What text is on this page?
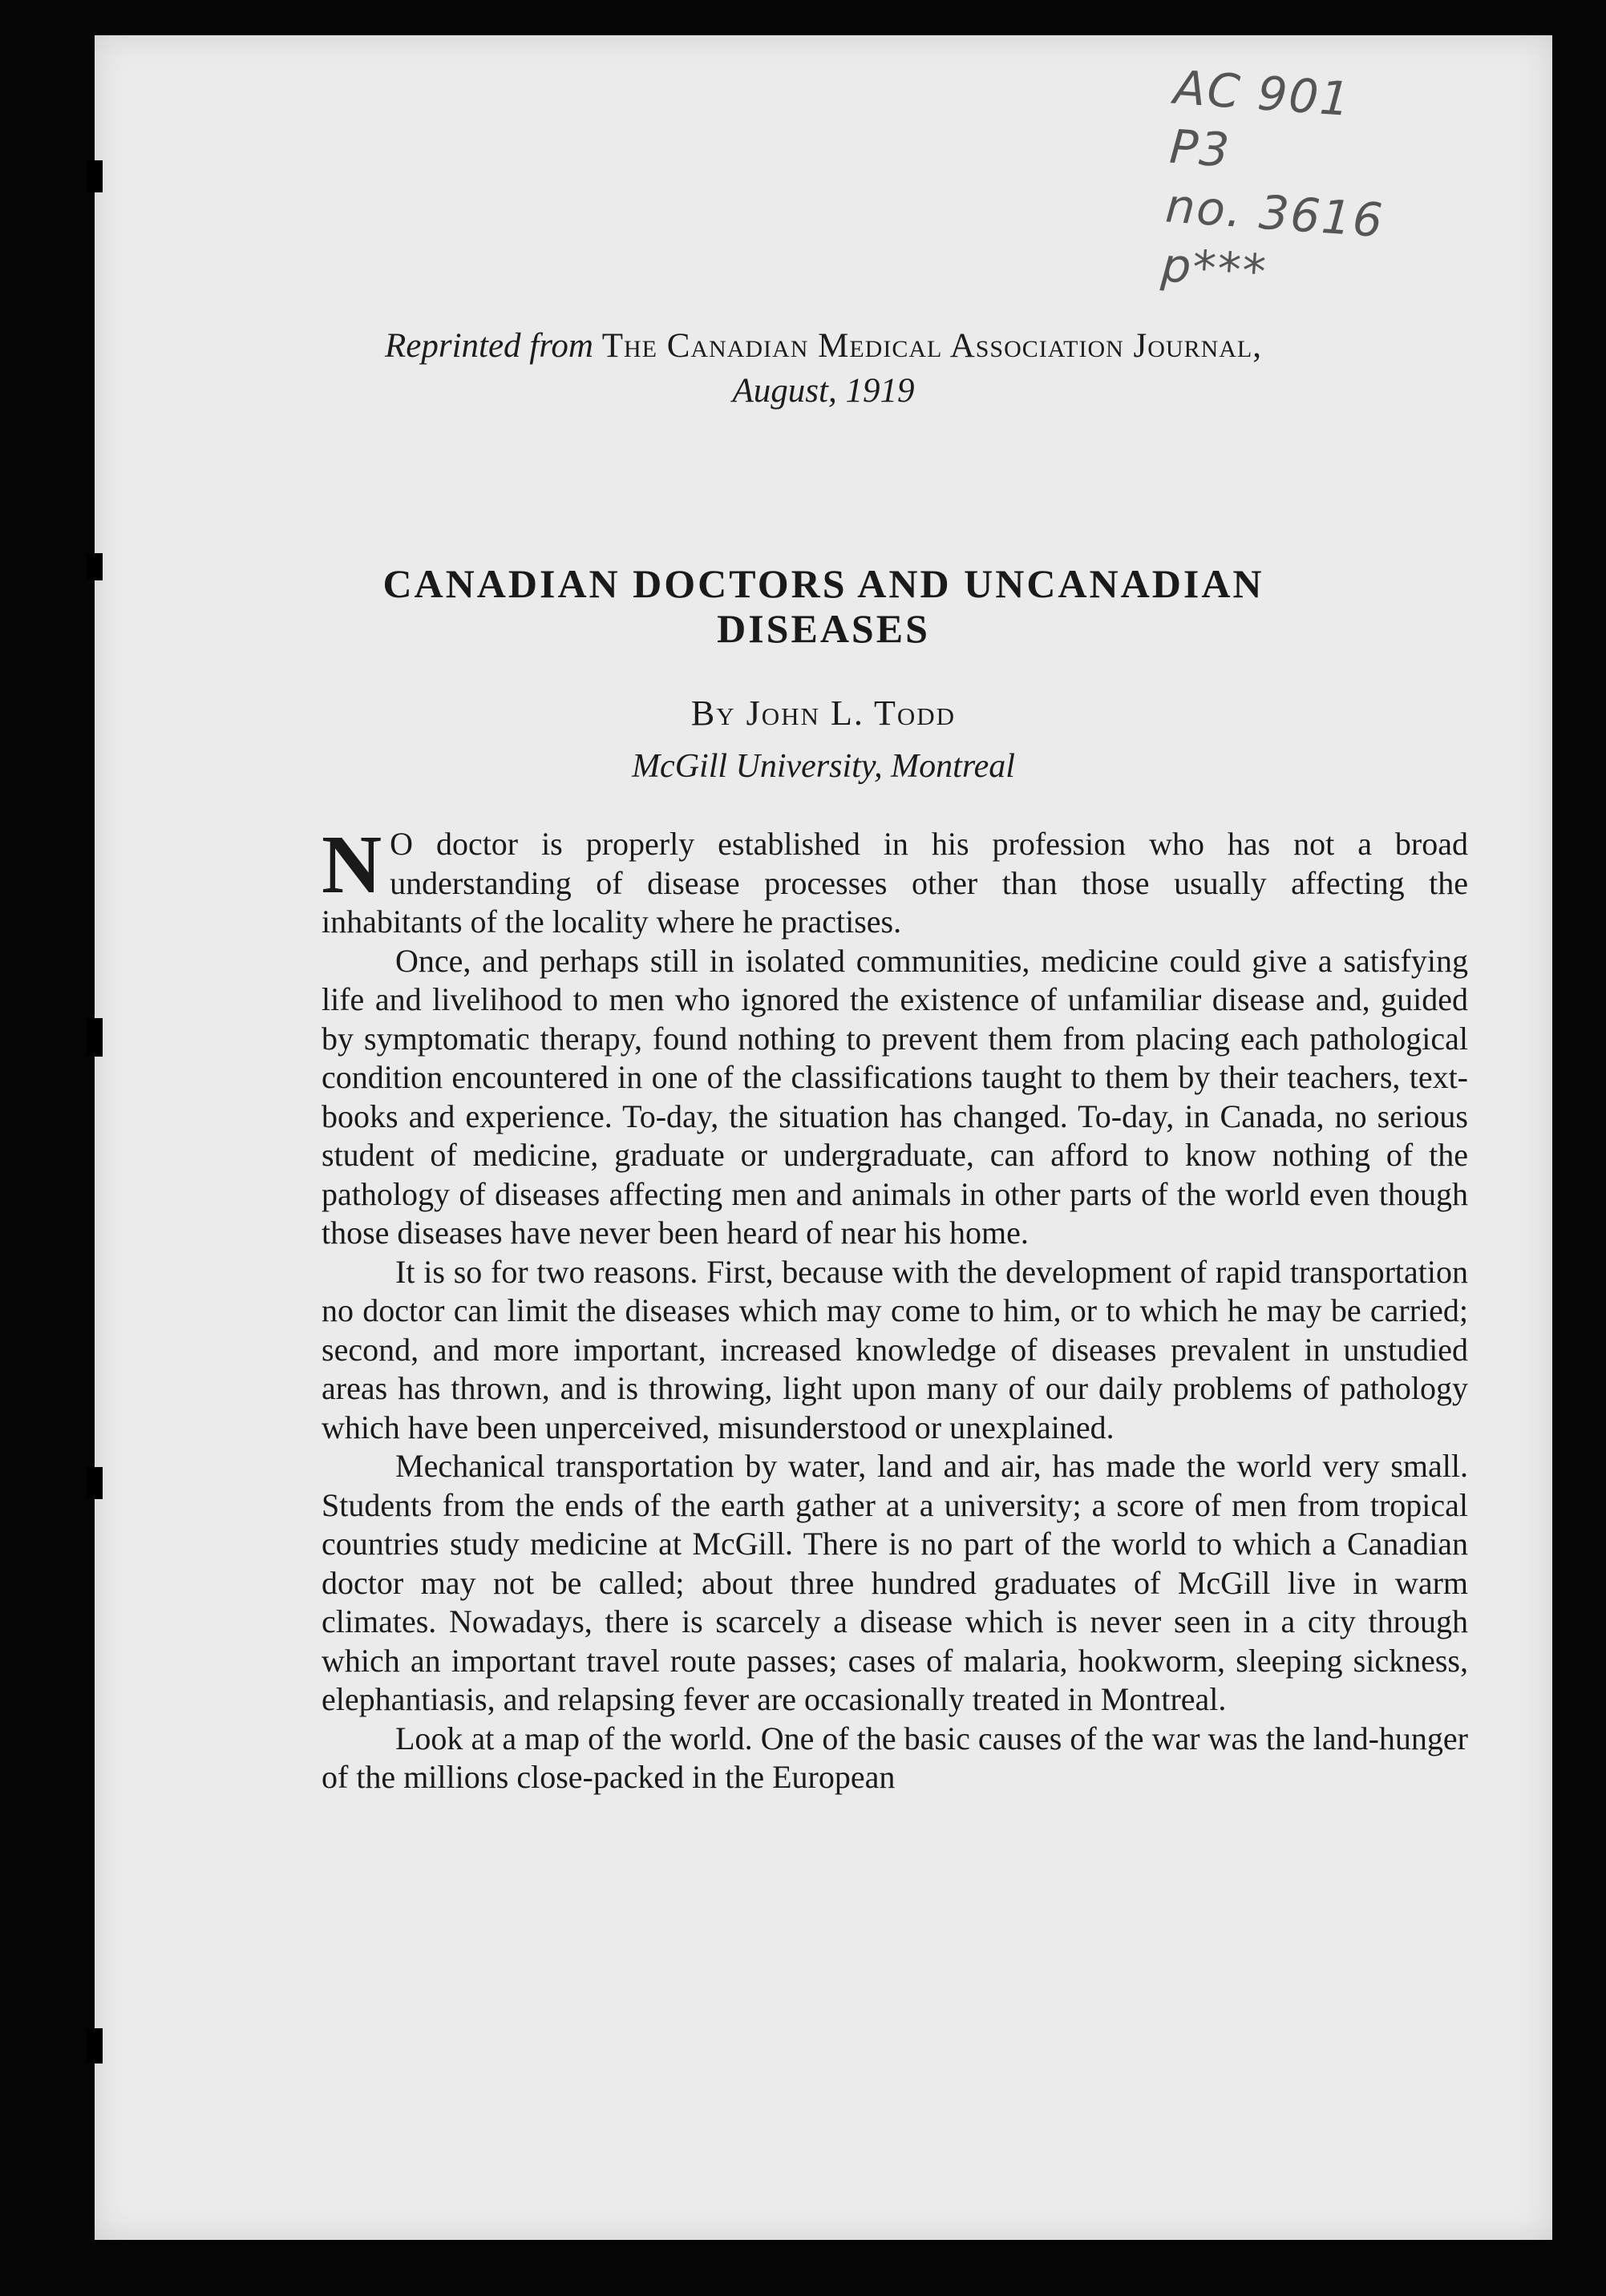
AC 901
P3
no. 3616
p***
Reprinted from The Canadian Medical Association Journal,
August, 1919
CANADIAN DOCTORS AND UNCANADIAN
DISEASES
By John L. Todd
McGill University, Montreal

N O doctor is properly established in his profession who has not a broad understanding of disease processes other than those usually affecting the inhabitants of the locality where he practises.

Once, and perhaps still in isolated communities, medicine could give a satisfying life and livelihood to men who ignored the existence of unfamiliar disease and, guided by symptomatic therapy, found nothing to prevent them from placing each pathological condition encountered in one of the classifications taught to them by their teachers, text-books and experience. To-day, the situation has changed. To-day, in Canada, no serious student of medicine, graduate or undergraduate, can afford to know nothing of the pathology of diseases affecting men and animals in other parts of the world even though those diseases have never been heard of near his home.

It is so for two reasons. First, because with the development of rapid transportation no doctor can limit the diseases which may come to him, or to which he may be carried; second, and more important, increased knowledge of diseases prevalent in unstudied areas has thrown, and is throwing, light upon many of our daily problems of pathology which have been unperceived, misunderstood or unexplained.

Mechanical transportation by water, land and air, has made the world very small. Students from the ends of the earth gather at a university; a score of men from tropical countries study medicine at McGill. There is no part of the world to which a Canadian doctor may not be called; about three hundred graduates of McGill live in warm climates. Nowadays, there is scarcely a disease which is never seen in a city through which an important travel route passes; cases of malaria, hookworm, sleeping sickness, elephantiasis, and relapsing fever are occasionally treated in Montreal.

Look at a map of the world. One of the basic causes of the war was the land-hunger of the millions close-packed in the European
